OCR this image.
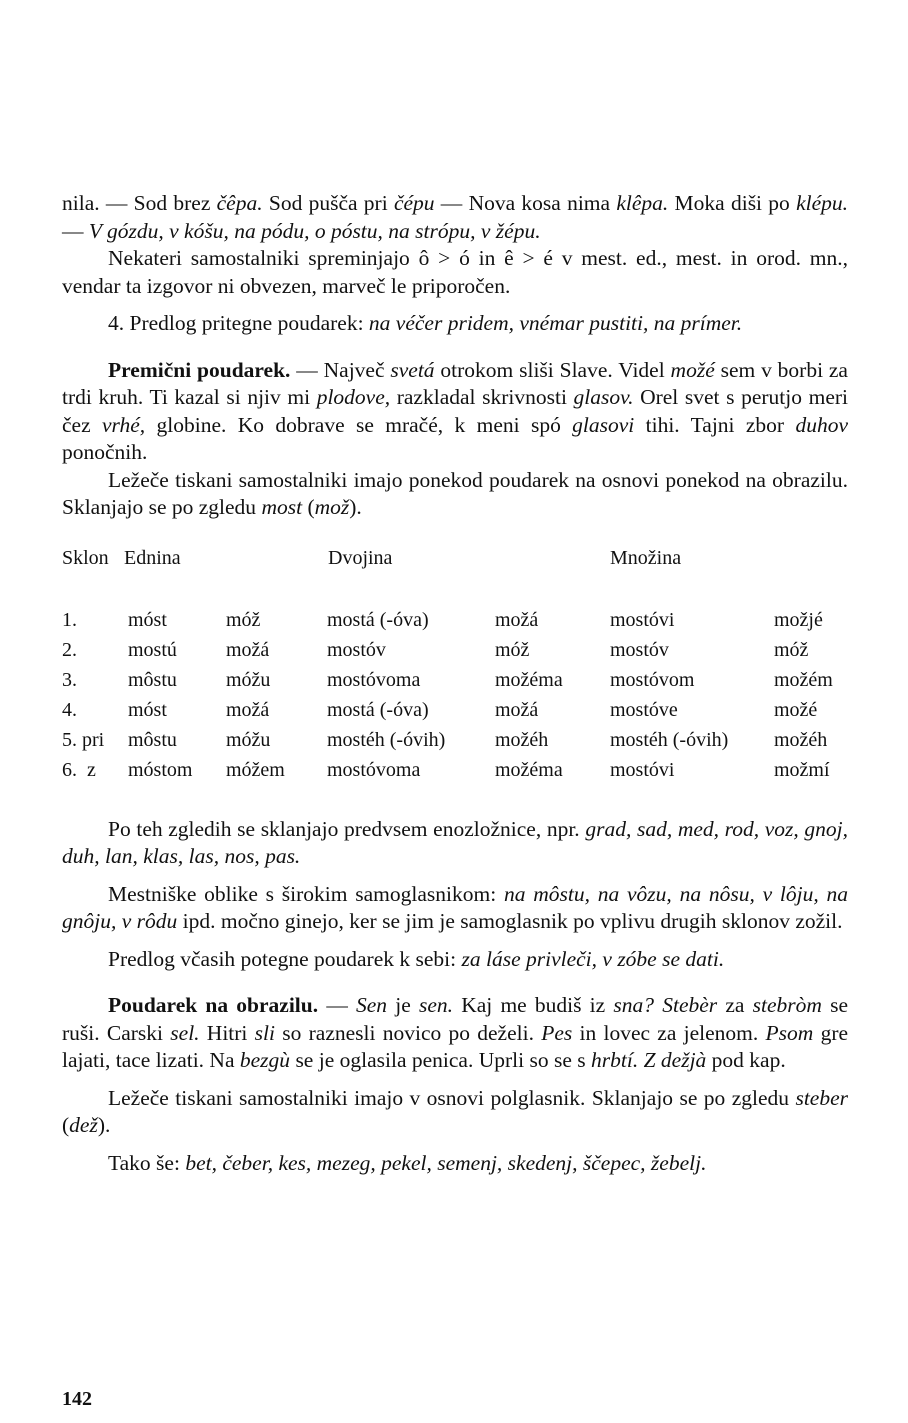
nila. — Sod brez čêpa. Sod pušča pri čépu — Nova kosa nima klêpa. Moka diši po klépu. — V gózdu, v kóšu, na pódu, o póstu, na strópu, v žépu.

Nekateri samostalniki spreminjajo ô > ó in ê > é v mest. ed., mest. in orod. mn., vendar ta izgovor ni obvezen, marveč le priporočen.

4. Predlog pritegne poudarek: na véčer pridem, vnémar pustiti, na prímer.

Premični poudarek. — Največ svetá otrokom sliši Slave. Videl možé sem v borbi za trdi kruh. Ti kazal si njiv mi plodove, razkladal skrivnosti glasov. Orel svet s perutjo meri čez vrhé, globine. Ko dobrave se mračé, k meni spó glasovi tihi. Tajni zbor duhov ponočnih.

Ležeče tiskani samostalniki imajo ponekod poudarek na osnovi ponekod na obrazilu. Sklanjajo se po zgledu most (mož).

Sklon	Ednina		Dvojina		Množina	

1.	móst	móž	mostá (-óva)	možá	mostóvi	možjé
2.	mostú	možá	mostóv	móž	mostóv	móž
3.	môstu	móžu	mostóvoma	možéma	mostóvom	možém
4.	móst	možá	mostá (-óva)	možá	mostóve	možé
5. pri	môstu	móžu	mostéh (-óvih)	možéh	mostéh (-óvih)	možéh
6.  z	móstom	móžem	mostóvoma	možéma	mostóvi	možmí

Po teh zgledih se sklanjajo predvsem enozložnice, npr. grad, sad, med, rod, voz, gnoj, duh, lan, klas, las, nos, pas.

Mestniške oblike s širokim samoglasnikom: na môstu, na vôzu, na nôsu, v lôju, na gnôju, v rôdu ipd. močno ginejo, ker se jim je samoglasnik po vplivu drugih sklonov zožil.

Predlog včasih potegne poudarek k sebi: za láse privleči, v zóbe se dati.

Poudarek na obrazilu. — Sen je sen. Kaj me budiš iz sna? Stebèr za stebròm se ruši. Carski sel. Hitri sli so raznesli novico po deželi. Pes in lovec za jelenom. Psom gre lajati, tace lizati. Na bezgù se je oglasila penica. Uprli so se s hrbtí. Z dežjà pod kap.

Ležeče tiskani samostalniki imajo v osnovi polglasnik. Sklanjajo se po zgledu steber (dež).

Tako še: bet, čeber, kes, mezeg, pekel, semenj, skedenj, ščepec, žebelj.

142
